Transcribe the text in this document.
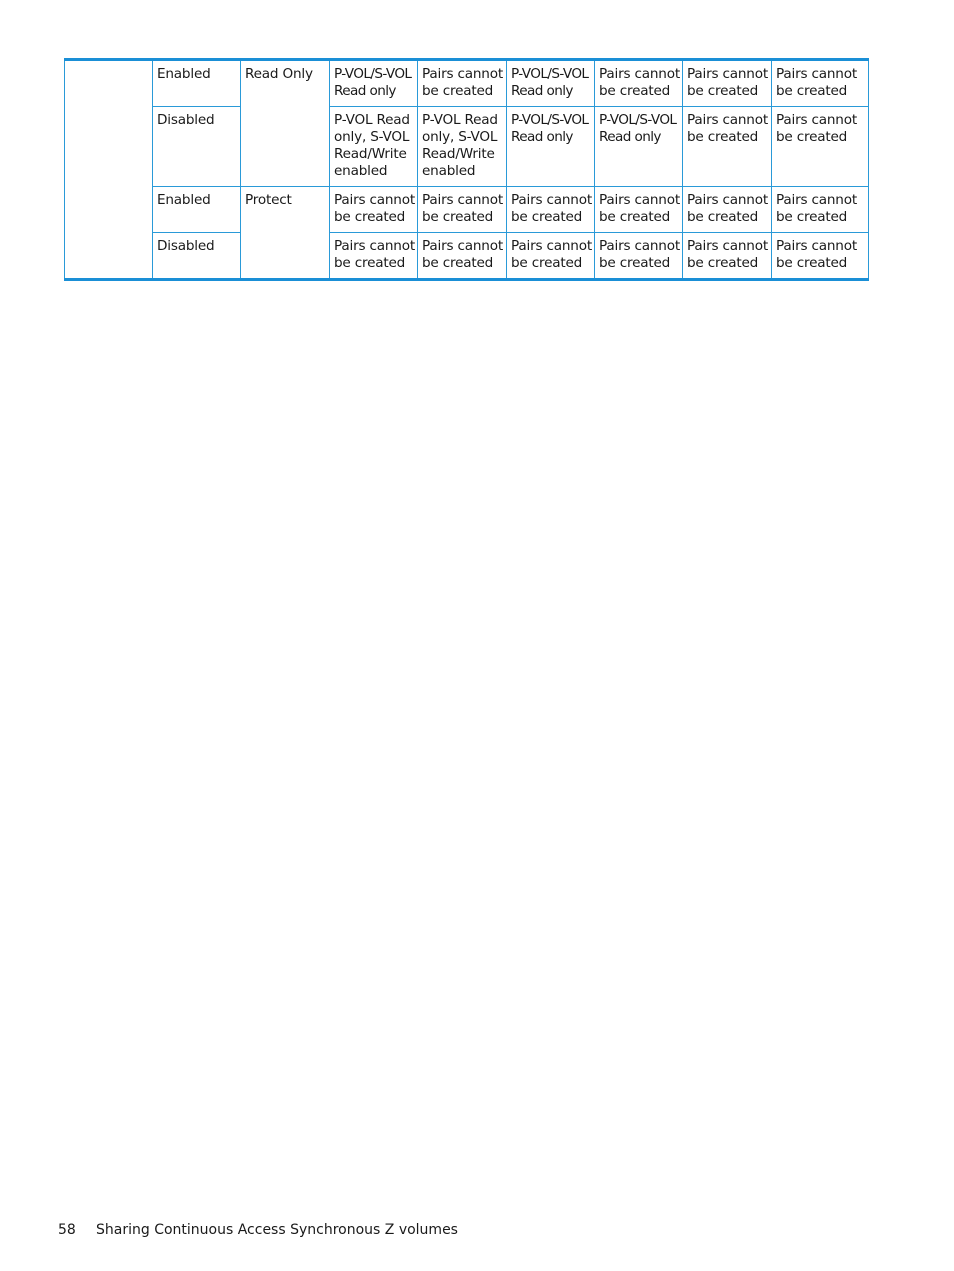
	Enabled	Read Only	P-VOL/S-VOL
Read only	Pairs cannot
be created	P-VOL/S-VOL
Read only	Pairs cannot
be created	Pairs cannot
be created	Pairs cannot
be created

	Disabled		P-VOL Read
only, S-VOL
Read/Write
enabled	P-VOL Read
only, S-VOL
Read/Write
enabled	P-VOL/S-VOL
Read only	P-VOL/S-VOL
Read only	Pairs cannot
be created	Pairs cannot
be created

	Enabled	Protect	Pairs cannot
be created	Pairs cannot
be created	Pairs cannot
be created	Pairs cannot
be created	Pairs cannot
be created	Pairs cannot
be created

	Disabled		Pairs cannot
be created	Pairs cannot
be created	Pairs cannot
be created	Pairs cannot
be created	Pairs cannot
be created	Pairs cannot
be created
58 Sharing Continuous Access Synchronous Z volumes
